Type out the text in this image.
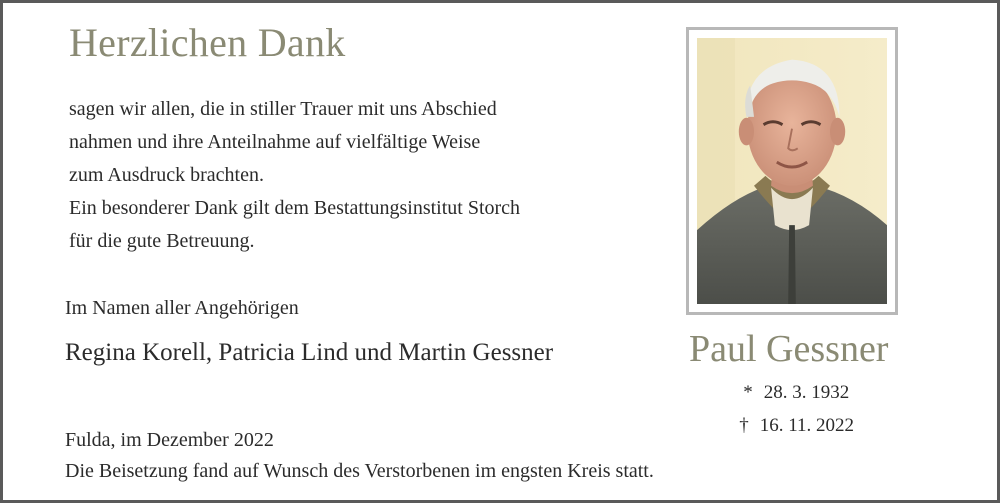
Herzlichen Dank
sagen wir allen, die in stiller Trauer mit uns Abschied
nahmen und ihre Anteilnahme auf vielfältige Weise
zum Ausdruck brachten.
Ein besonderer Dank gilt dem Bestattungsinstitut Storch
für die gute Betreuung.
Im Namen aller Angehörigen
Regina Korell, Patricia Lind und Martin Gessner
Fulda, im Dezember 2022
Die Beisetzung fand auf Wunsch des Verstorbenen im engsten Kreis statt.
Paul Gessner
* 28. 3. 1932
† 16. 11. 2022
